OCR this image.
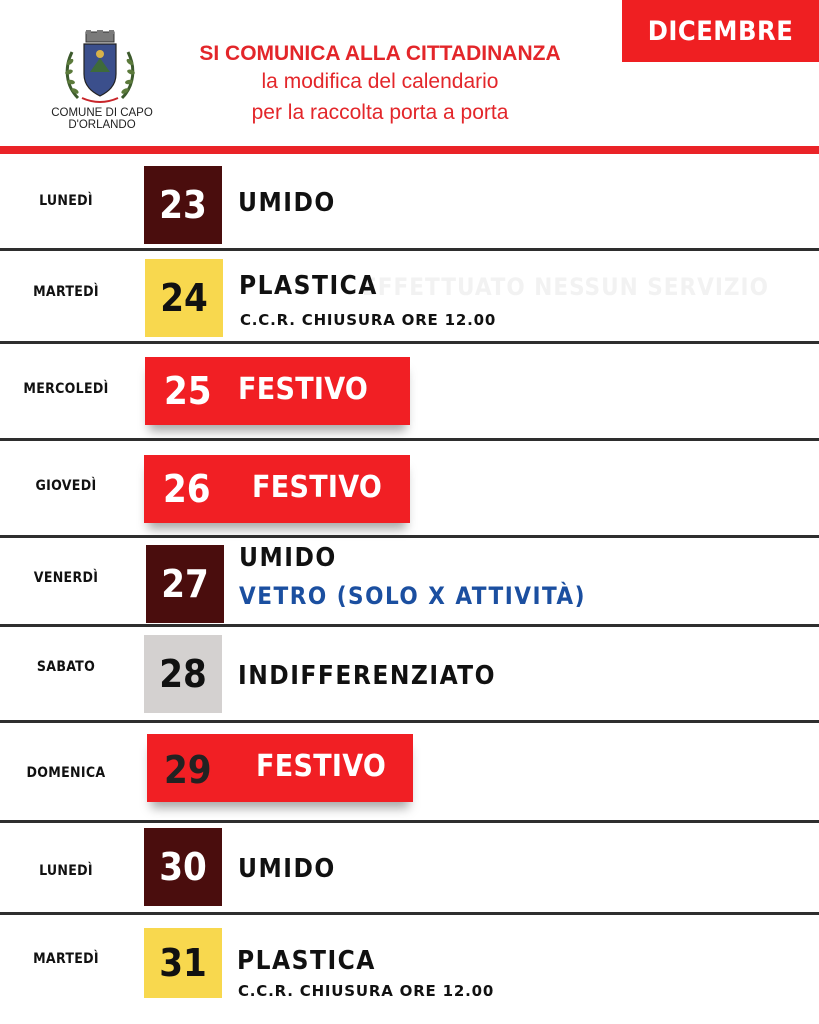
DICEMBRE
COMUNE DI CAPO D'ORLANDO
SI COMUNICA ALLA CITTADINANZA
la modifica del calendario
per la raccolta porta a porta
LUNEDÌ	23	UMIDO
MARTEDÌ	24	EFFETTUATO NESSUN SERVIZIO
PLASTICA
C.C.R. CHIUSURA ORE 12.00
MERCOLEDÌ	25 FESTIVO
GIOVEDÌ	26 FESTIVO
VENERDÌ	27
UMIDO
VETRO (SOLO X ATTIVITÀ)
SABATO	28	INDIFFERENZIATO
DOMENICA	29 FESTIVO
LUNEDÌ	30	UMIDO
MARTEDÌ	31	PLASTICA
C.C.R. CHIUSURA ORE 12.00
